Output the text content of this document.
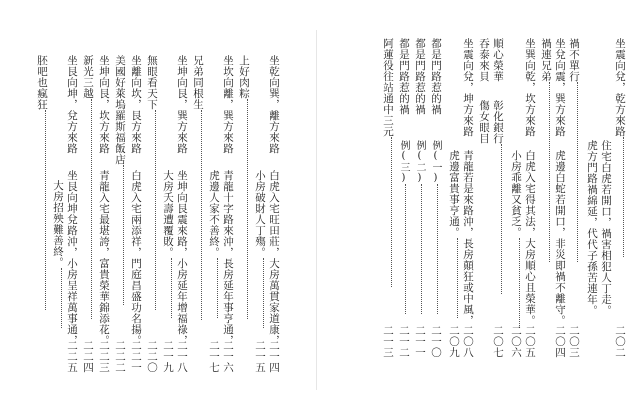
坐震向兌，乾方來路
二〇二
住宅白虎若開口，禍害相犯人丁走。
虎方門路禍綿延，代代子孫苦連年。
禍不單行
二〇三
坐兌向震，巽方來路
虎邊白蛇若開口，非災即禍不離守。
二〇四
禍連兄弟
坐巽向乾，坎方來路
白虎入宅得其法，大房順心且榮華。
二〇五
小房乖離又貧乏。
二〇六
順心榮華
彰化銀行
二〇七
吞泰來貝
傷女眼目
坐震向兌，坤方來路
青龍若是來路沖，長房顛狂或中風，
二〇八
虎邊富貴事亨通。
二〇九
都是門路惹的禍
例(一)
二一〇
都是門路惹的禍
例(二)
二一一
都是門路惹的禍
例(三)
二一二
阿蓮役往站通中三元
二一三
坐乾向巽，離方來路
白虎入宅旺田莊，大房萬貫家道康，
二一四
小房破財人丁殤。
二一五
上好肉粽
坐坎向離，巽方來路
青龍十字路來沖，長房延年事亨通，
二一六
虎邊人家不善終。
二一七
兄弟同根生
坐坤向艮，巽方來路
坐坤向艮震來路，小房延年增福祿，
二一八
大房夭壽遭覆敗。
二一九
無眼看天下
二二〇
坐離向坎，艮方來路
白虎入宅兩添祥，門庭昌盛功名揚。
二二一
美國好萊塢羅斯福飯店
二二二
坐坤向艮，坎方來路
青龍入宅最堪誇，富貴榮華錦添花。
二二三
新光三越
二二四
坐艮向坤，兌方來路
坐艮向坤兌路沖，小房呈祥萬事通，
二二五
大房招殃難善終。
胚吧也瘋狂
